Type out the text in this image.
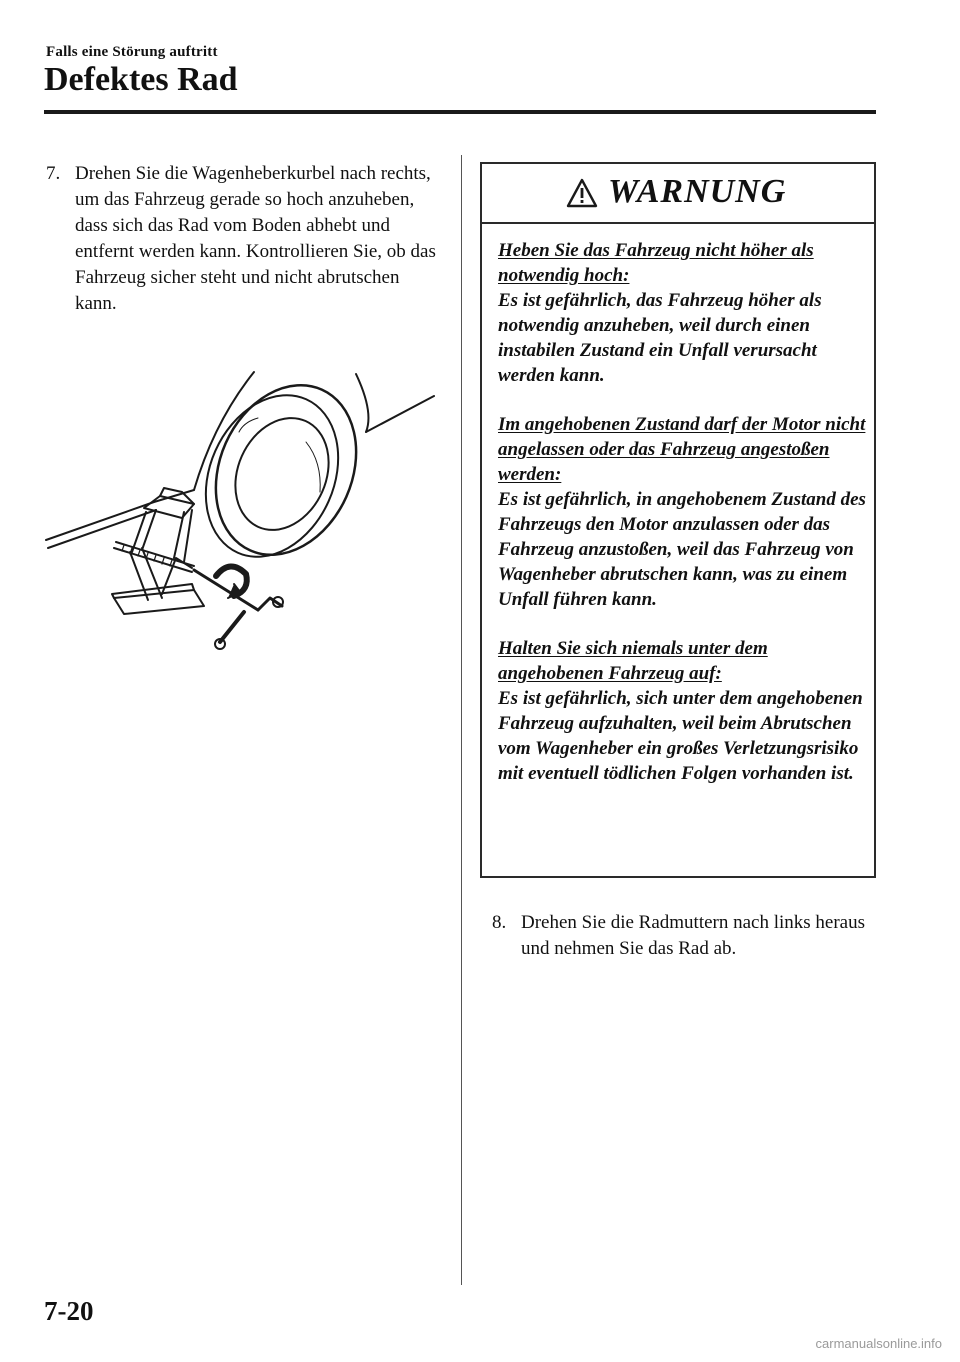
Falls eine Störung auftritt
Defektes Rad
7. Drehen Sie die Wagenheberkurbel nach rechts, um das Fahrzeug gerade so hoch anzuheben, dass sich das Rad vom Boden abhebt und entfernt werden kann. Kontrollieren Sie, ob das Fahrzeug sicher steht und nicht abrutschen kann.
WARNUNG
Heben Sie das Fahrzeug nicht höher als notwendig hoch:
Es ist gefährlich, das Fahrzeug höher als notwendig anzuheben, weil durch einen instabilen Zustand ein Unfall verursacht werden kann.
Im angehobenen Zustand darf der Motor nicht angelassen oder das Fahrzeug angestoßen werden:
Es ist gefährlich, in angehobenem Zustand des Fahrzeugs den Motor anzulassen oder das Fahrzeug anzustoßen, weil das Fahrzeug von Wagenheber abrutschen kann, was zu einem Unfall führen kann.
Halten Sie sich niemals unter dem angehobenen Fahrzeug auf:
Es ist gefährlich, sich unter dem angehobenen Fahrzeug aufzuhalten, weil beim Abrutschen vom Wagenheber ein großes Verletzungsrisiko mit eventuell tödlichen Folgen vorhanden ist.
8. Drehen Sie die Radmuttern nach links heraus und nehmen Sie das Rad ab.
7-20
carmanualsonline.info
